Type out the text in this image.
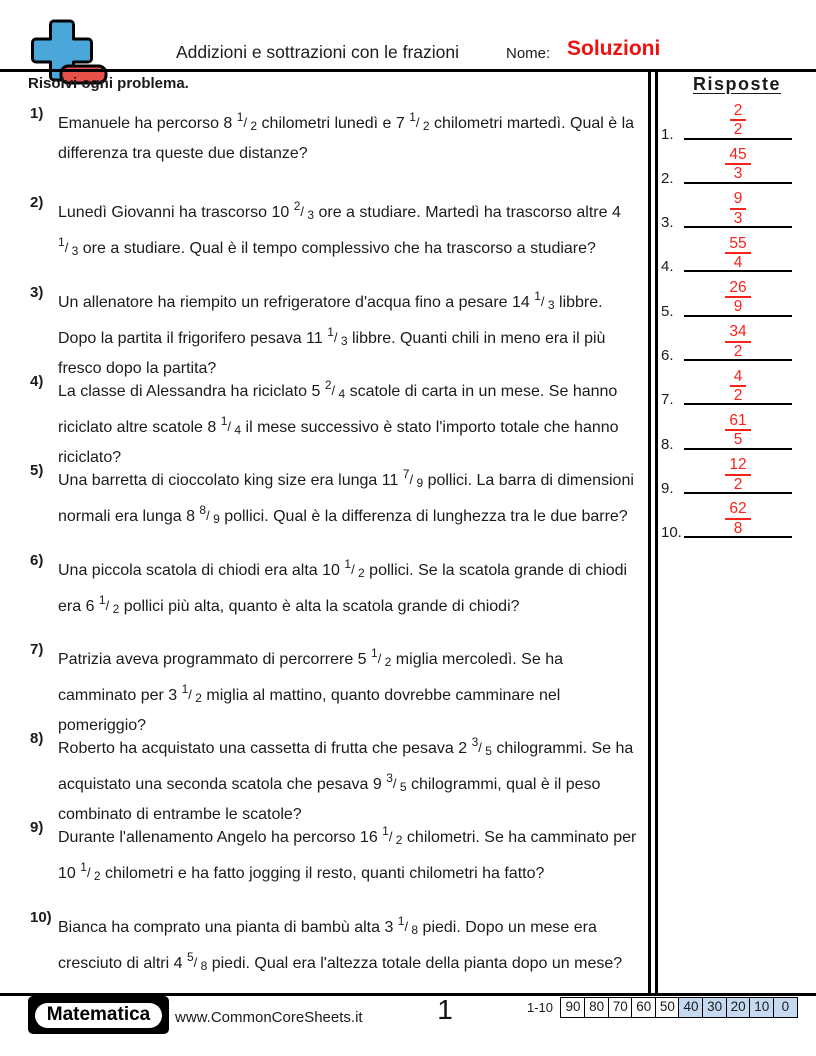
Addizioni e sottrazioni con le frazioni	Nome: Soluzioni
Risolvi ogni problema.	Risposte
1)
Emanuele ha percorso 8 $^1$/ 2 chilometri lunedì e 7 $^1$/ 2 chilometri martedì. Qual è la differenza tra queste due distanze?
2)
Lunedì Giovanni ha trascorso 10 $^2$/ 3 ore a studiare. Martedì ha trascorso altre 4 $^1$/ 3 ore a studiare. Qual è il tempo complessivo che ha trascorso a studiare?
3)
Un allenatore ha riempito un refrigeratore d'acqua fino a pesare 14 $^1$/ 3 libbre. Dopo la partita il frigorifero pesava 11 $^1$/ 3 libbre. Quanti chili in meno era il più fresco dopo la partita?
4)
La classe di Alessandra ha riciclato 5 $^2$/ 4 scatole di carta in un mese. Se hanno riciclato altre scatole 8 $^1$/ 4 il mese successivo è stato l'importo totale che hanno riciclato?
5)
Una barretta di cioccolato king size era lunga 11 $^7$/ 9 pollici. La barra di dimensioni normali era lunga 8 $^8$/ 9 pollici. Qual è la differenza di lunghezza tra le due barre?
6)
Una piccola scatola di chiodi era alta 10 $^1$/ 2 pollici. Se la scatola grande di chiodi era 6 $^1$/ 2 pollici più alta, quanto è alta la scatola grande di chiodi?
7)
Patrizia aveva programmato di percorrere 5 $^1$/ 2 miglia mercoledì. Se ha camminato per 3 $^1$/ 2 miglia al mattino, quanto dovrebbe camminare nel pomeriggio?
8)
Roberto ha acquistato una cassetta di frutta che pesava 2 $^3$/ 5 chilogrammi. Se ha acquistato una seconda scatola che pesava 9 $^3$/ 5 chilogrammi, qual è il peso combinato di entrambe le scatole?
9)
Durante l'allenamento Angelo ha percorso 16 $^1$/ 2 chilometri. Se ha camminato per 10 $^1$/ 2 chilometri e ha fatto jogging il resto, quanti chilometri ha fatto?
10)
Bianca ha comprato una pianta di bambù alta 3 $^1$/ 8 piedi. Dopo un mese era cresciuto di altri 4 $^5$/ 8 piedi. Qual era l'altezza totale della pianta dopo un mese?
1.	$\frac{2}{2}$
2.	$\frac{45}{3}$
3.	$\frac{9}{3}$
4.	$\frac{55}{4}$
5.	$\frac{26}{9}$
6.	$\frac{34}{2}$
7.	$\frac{4}{2}$
8.	$\frac{61}{5}$
9.	$\frac{12}{2}$
10.	$\frac{62}{8}$
Matematica	www.CommonCoreSheets.it	1	1-10 90 80 70 60 50 40 30 20 10 0
